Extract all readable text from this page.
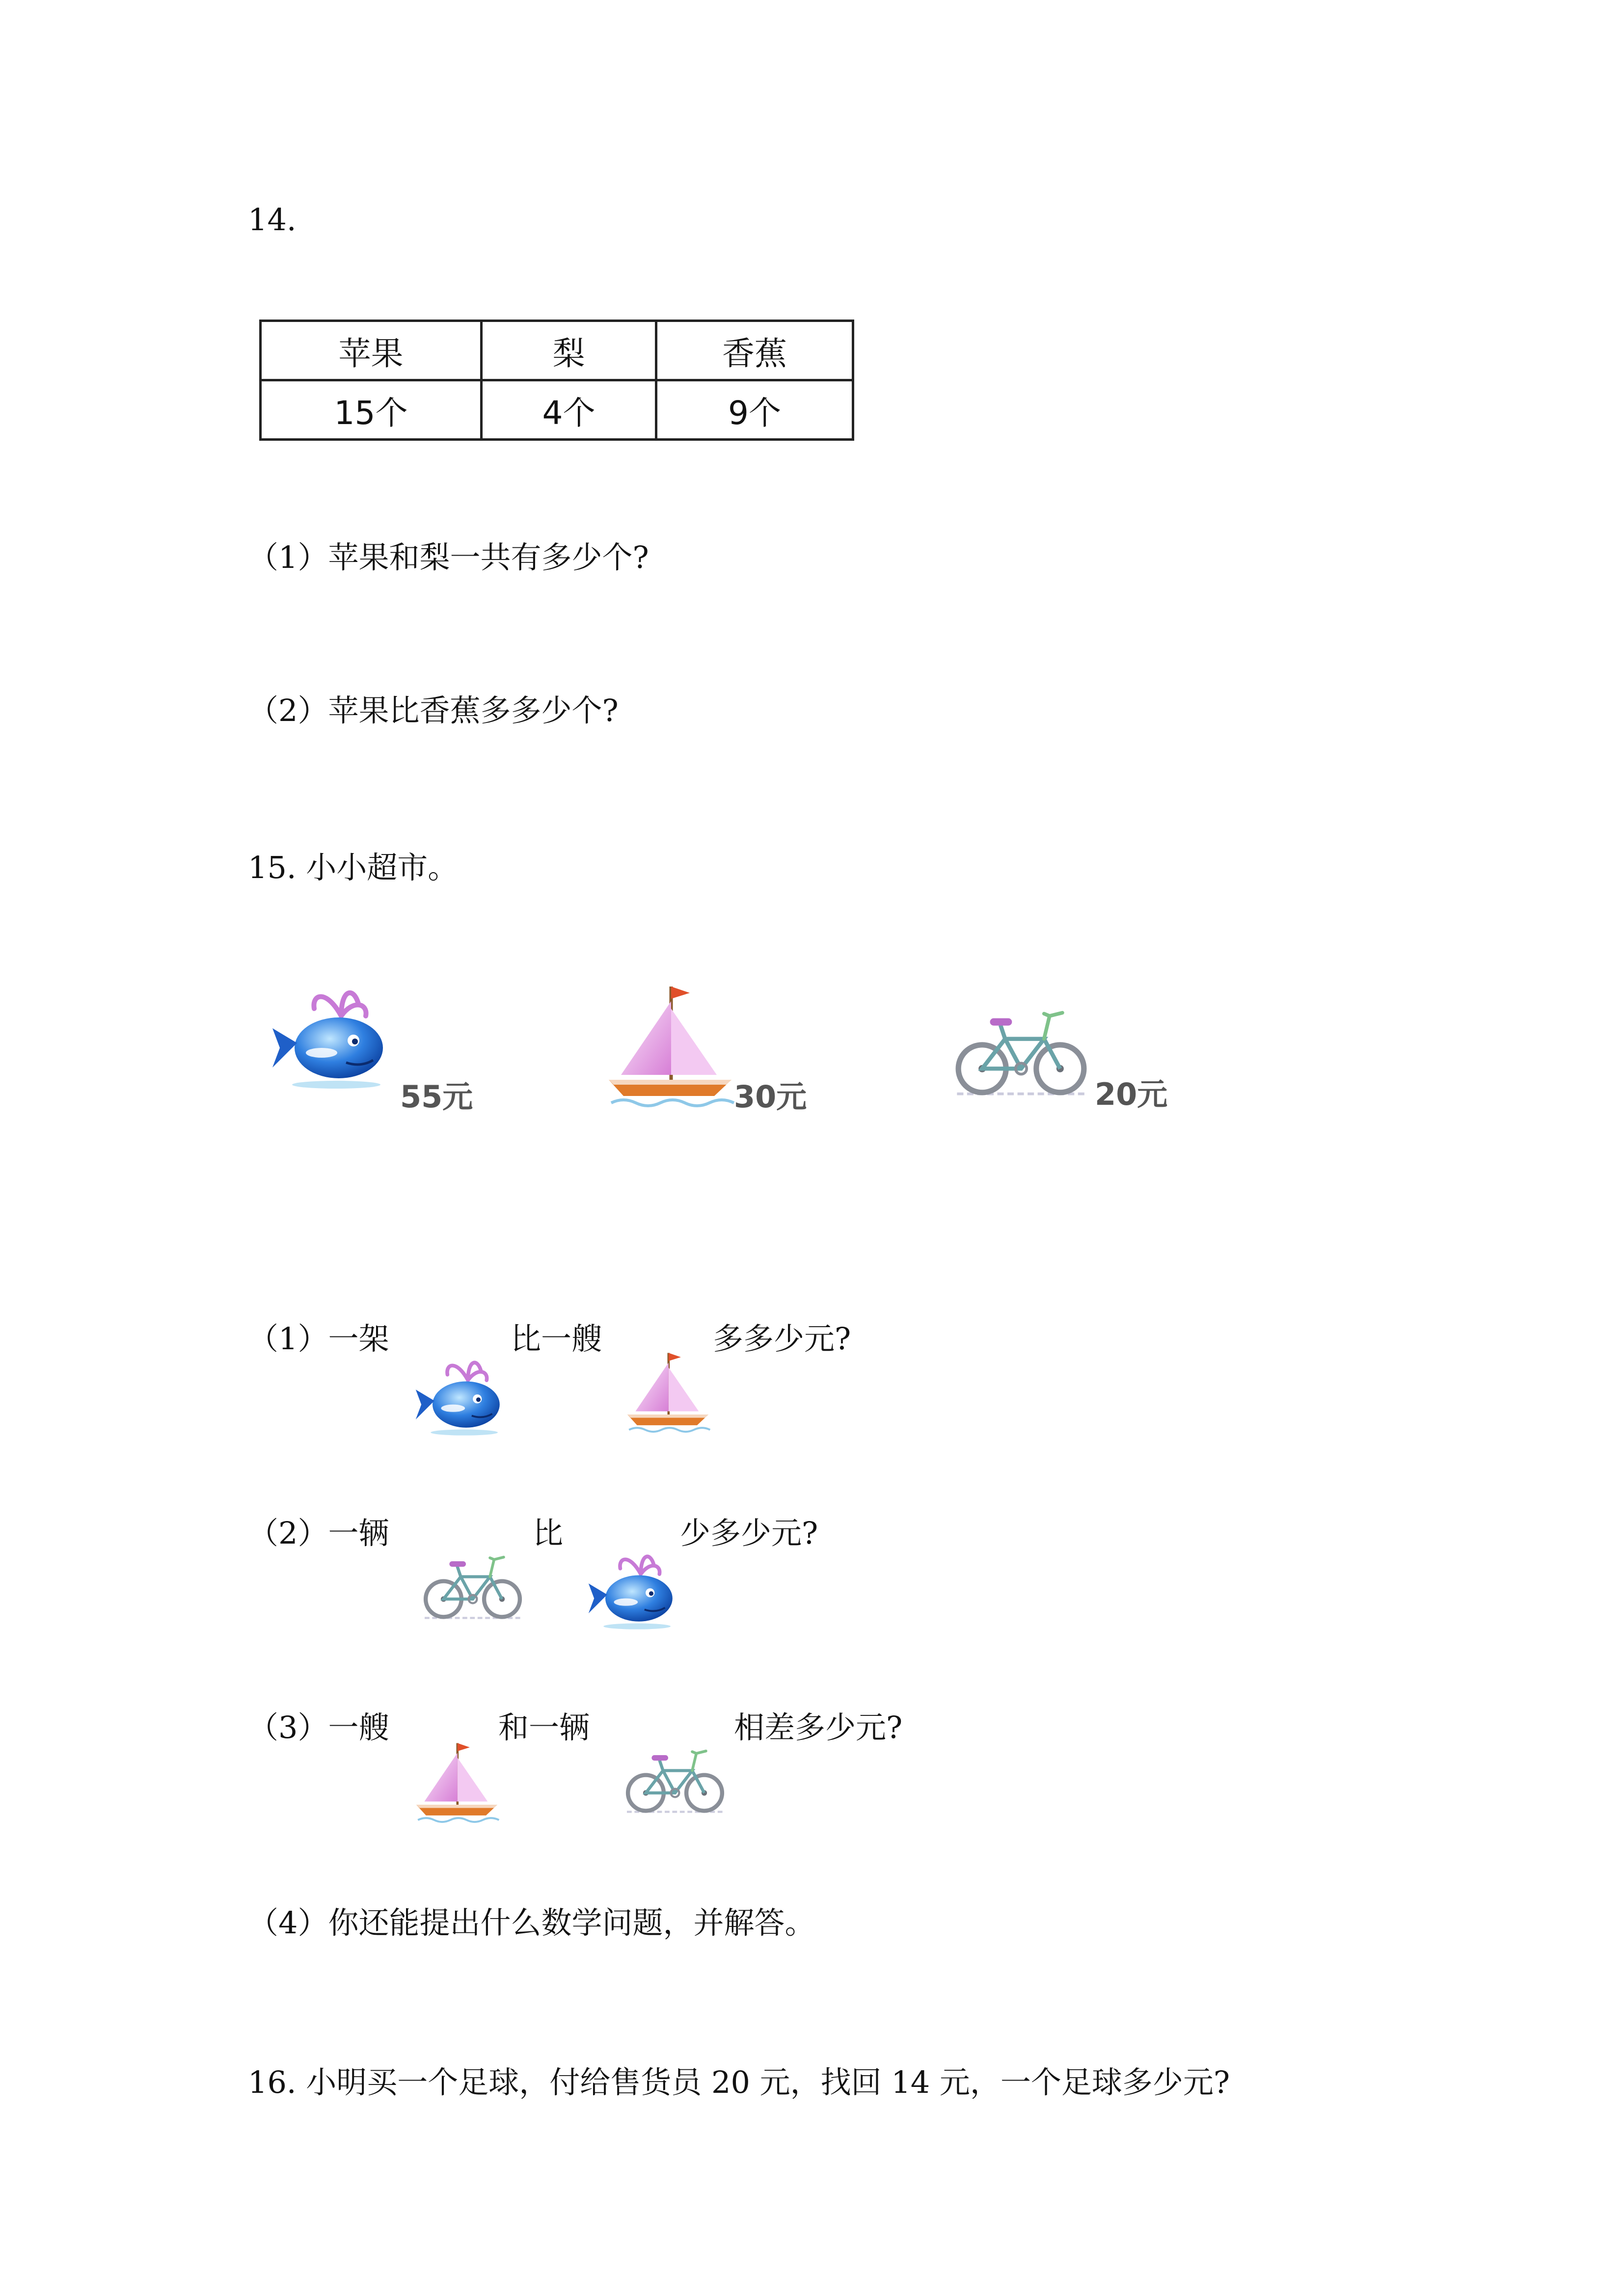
14.
苹果	梨	香蕉
15个	4个	9个
（1）苹果和梨一共有多少个?
（2）苹果比香蕉多多少个?
15. 小小超市。
55元	30元	20元
（1）一架	比一艘	多多少元?
（2）一辆	比	少多少元?
（3）一艘	和一辆	相差多少元?
（4）你还能提出什么数学问题，并解答。
16. 小明买一个足球，付给售货员 20 元，找回 14 元，一个足球多少元?
